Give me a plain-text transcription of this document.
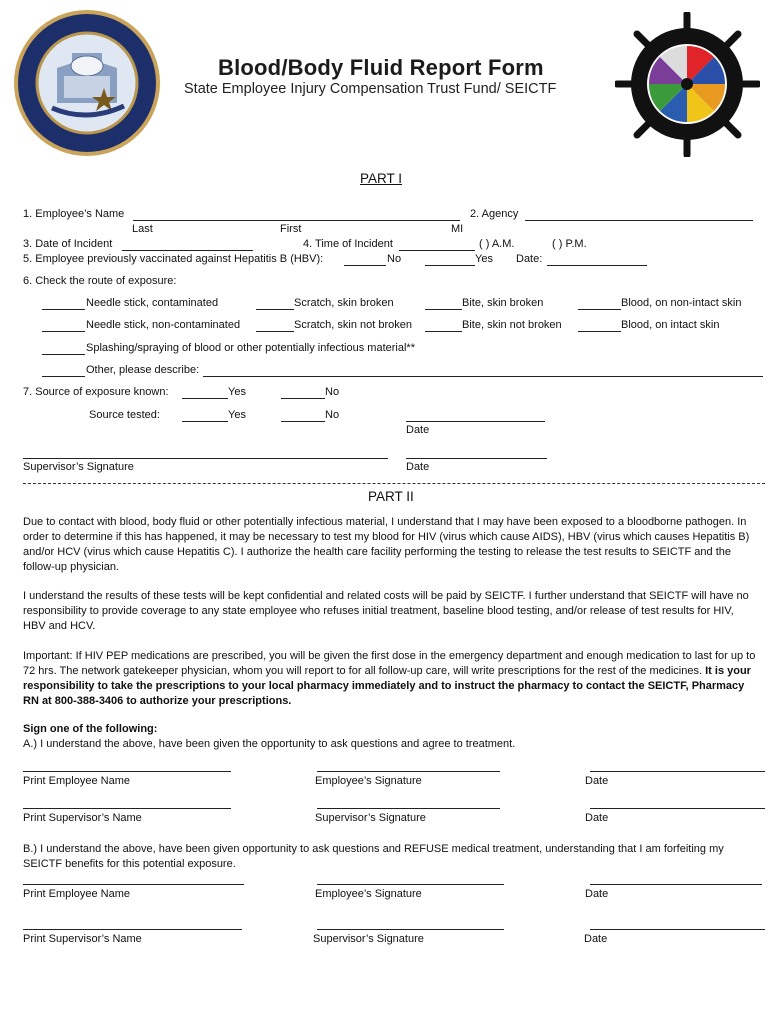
Blood/Body Fluid Report Form
State Employee Injury Compensation Trust Fund/ SEICTF
PART I
1. Employee’s Name	2. Agency
Last	First	MI
3. Date of Incident	4. Time of Incident	( ) A.M.	( ) P.M.
5. Employee previously vaccinated against Hepatitis B (HBV):	No	Yes Date:
6. Check the route of exposure:
Needle stick, contaminated	Scratch, skin broken	Bite, skin broken	Blood, on non-intact skin
Needle stick, non-contaminated	Scratch, skin not broken	Bite, skin not broken	Blood, on intact skin
Splashing/spraying of blood or other potentially infectious material**
Other, please describe:
7. Source of exposure known:	Yes	No
Source tested:	Yes	No
Date
Supervisor’s Signature	Date
PART II
Due to contact with blood, body fluid or other potentially infectious material, I understand that I may have been exposed to a bloodborne pathogen. In order to determine if this has happened, it may be necessary to test my blood for HIV (virus which cause AIDS), HBV (virus which causes Hepatitis B) and/or HCV (virus which cause Hepatitis C). I authorize the health care facility performing the testing to release the test results to SEICTF and the follow-up physician.
I understand the results of these tests will be kept confidential and related costs will be paid by SEICTF. I further understand that SEICTF will have no responsibility to provide coverage to any state employee who refuses initial treatment, baseline blood testing, and/or release of test results for HIV, HBV and HCV.
Important: If HIV PEP medications are prescribed, you will be given the first dose in the emergency department and enough medication to last for up to 72 hrs. The network gatekeeper physician, whom you will report to for all follow-up care, will write prescriptions for the rest of the medicines. It is your responsibility to take the prescriptions to your local pharmacy immediately and to instruct the pharmacy to contact the SEICTF, Pharmacy RN at 800-388-3406 to authorize your prescriptions.
Sign one of the following:
A.) I understand the above, have been given the opportunity to ask questions and agree to treatment.
Print Employee Name	Employee’s Signature	Date
Print Supervisor’s Name	Supervisor’s Signature	Date
B.) I understand the above, have been given opportunity to ask questions and REFUSE medical treatment, understanding that I am forfeiting my SEICTF benefits for this potential exposure.
Print Employee Name	Employee’s Signature	Date
Print Supervisor’s Name	Supervisor’s Signature	Date
